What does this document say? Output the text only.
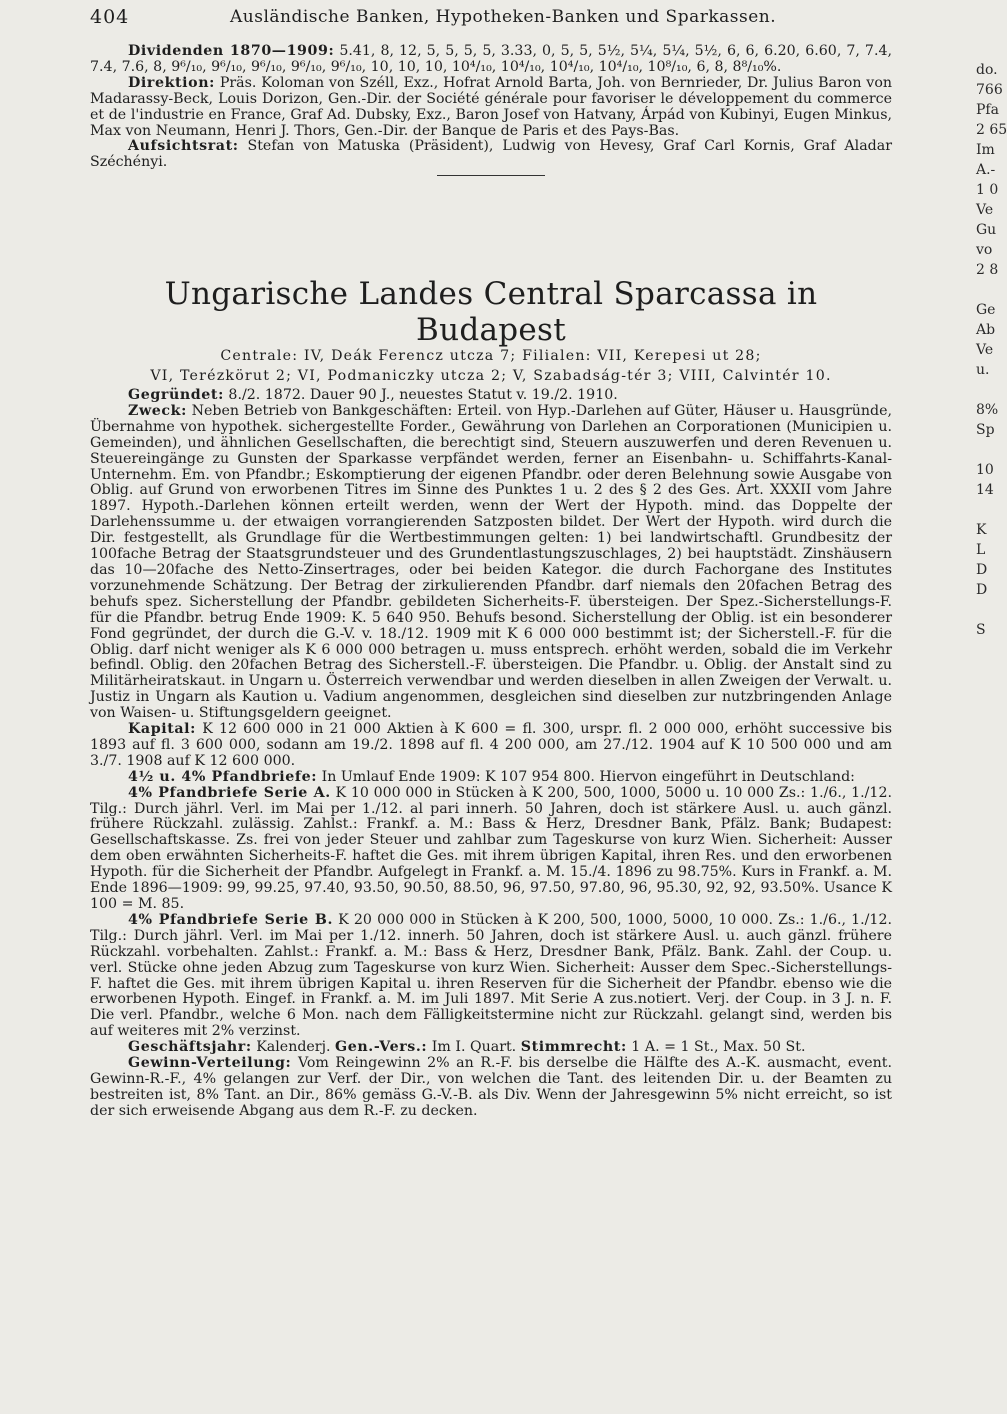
404	Ausländische Banken, Hypotheken-Banken und Sparkassen.

Dividenden 1870—1909: 5.41, 8, 12, 5, 5, 5, 5, 3.33, 0, 5, 5, 5½, 5¼, 5¼, 5½, 6, 6, 6.20, 6.60, 7, 7.4, 7.4, 7.6, 8, 9⁶/₁₀, 9⁶/₁₀, 9⁶/₁₀, 9⁶/₁₀, 9⁶/₁₀, 10, 10, 10, 10⁴/₁₀, 10⁴/₁₀, 10⁴/₁₀, 10⁴/₁₀, 10⁸/₁₀, 6, 8, 8⁸/₁₀%.

Direktion: Präs. Koloman von Széll, Exz., Hofrat Arnold Barta, Joh. von Bernrieder, Dr. Julius Baron von Madarassy-Beck, Louis Dorizon, Gen.-Dir. der Société générale pour favoriser le développement du commerce et de l'industrie en France, Graf Ad. Dubsky, Exz., Baron Josef von Hatvany, Árpád von Kubinyi, Eugen Minkus, Max von Neumann, Henri J. Thors, Gen.-Dir. der Banque de Paris et des Pays-Bas.

Aufsichtsrat: Stefan von Matuska (Präsident), Ludwig von Hevesy, Graf Carl Kornis, Graf Aladar Széchényi.

Ungarische Landes Central Sparcassa in Budapest
Centrale: IV, Deák Ferencz utcza 7; Filialen: VII, Kerepesi ut 28;
VI, Terézkörut 2; VI, Podmaniczky utcza 2; V, Szabadság-tér 3; VIII, Calvintér 10.

Gegründet: 8./2. 1872. Dauer 90 J., neuestes Statut v. 19./2. 1910.

Zweck: Neben Betrieb von Bankgeschäften: Erteil. von Hyp.-Darlehen auf Güter, Häuser u. Hausgründe, Übernahme von hypothek. sichergestellte Forder., Gewährung von Darlehen an Corporationen (Municipien u. Gemeinden), und ähnlichen Gesellschaften, die berechtigt sind, Steuern auszuwerfen und deren Revenuen u. Steuereingänge zu Gunsten der Sparkasse verpfändet werden, ferner an Eisenbahn- u. Schiffahrts-Kanal-Unternehm. Em. von Pfandbr.; Eskomptierung der eigenen Pfandbr. oder deren Belehnung sowie Ausgabe von Oblig. auf Grund von erworbenen Titres im Sinne des Punktes 1 u. 2 des § 2 des Ges. Art. XXXII vom Jahre 1897. Hypoth.-Darlehen können erteilt werden, wenn der Wert der Hypoth. mind. das Doppelte der Darlehenssumme u. der etwaigen vorrangierenden Satzposten bildet. Der Wert der Hypoth. wird durch die Dir. festgestellt, als Grundlage für die Wertbestimmungen gelten: 1) bei landwirtschaftl. Grundbesitz der 100fache Betrag der Staatsgrundsteuer und des Grundentlastungszuschlages, 2) bei hauptstädt. Zinshäusern das 10—20fache des Netto-Zinsertrages, oder bei beiden Kategor. die durch Fachorgane des Institutes vorzunehmende Schätzung. Der Betrag der zirkulierenden Pfandbr. darf niemals den 20fachen Betrag des behufs spez. Sicherstellung der Pfandbr. gebildeten Sicherheits-F. übersteigen. Der Spez.-Sicherstellungs-F. für die Pfandbr. betrug Ende 1909: K. 5 640 950. Behufs besond. Sicherstellung der Oblig. ist ein besonderer Fond gegründet, der durch die G.-V. v. 18./12. 1909 mit K 6 000 000 bestimmt ist; der Sicherstell.-F. für die Oblig. darf nicht weniger als K 6 000 000 betragen u. muss entsprech. erhöht werden, sobald die im Verkehr befindl. Oblig. den 20fachen Betrag des Sicherstell.-F. übersteigen. Die Pfandbr. u. Oblig. der Anstalt sind zu Militärheiratskaut. in Ungarn u. Österreich verwendbar und werden dieselben in allen Zweigen der Verwalt. u. Justiz in Ungarn als Kaution u. Vadium angenommen, desgleichen sind dieselben zur nutzbringenden Anlage von Waisen- u. Stiftungsgeldern geeignet.

Kapital: K 12 600 000 in 21 000 Aktien à K 600 = fl. 300, urspr. fl. 2 000 000, erhöht successive bis 1893 auf fl. 3 600 000, sodann am 19./2. 1898 auf fl. 4 200 000, am 27./12. 1904 auf K 10 500 000 und am 3./7. 1908 auf K 12 600 000.

4½ u. 4% Pfandbriefe: In Umlauf Ende 1909: K 107 954 800. Hiervon eingeführt in Deutschland:

4% Pfandbriefe Serie A. K 10 000 000 in Stücken à K 200, 500, 1000, 5000 u. 10 000 Zs.: 1./6., 1./12. Tilg.: Durch jährl. Verl. im Mai per 1./12. al pari innerh. 50 Jahren, doch ist stärkere Ausl. u. auch gänzl. frühere Rückzahl. zulässig. Zahlst.: Frankf. a. M.: Bass & Herz, Dresdner Bank, Pfälz. Bank; Budapest: Gesellschaftskasse. Zs. frei von jeder Steuer und zahlbar zum Tageskurse von kurz Wien. Sicherheit: Ausser dem oben erwähnten Sicherheits-F. haftet die Ges. mit ihrem übrigen Kapital, ihren Res. und den erworbenen Hypoth. für die Sicherheit der Pfandbr. Aufgelegt in Frankf. a. M. 15./4. 1896 zu 98.75%. Kurs in Frankf. a. M. Ende 1896—1909: 99, 99.25, 97.40, 93.50, 90.50, 88.50, 96, 97.50, 97.80, 96, 95.30, 92, 92, 93.50%. Usance K 100 = M. 85.

4% Pfandbriefe Serie B. K 20 000 000 in Stücken à K 200, 500, 1000, 5000, 10 000. Zs.: 1./6., 1./12. Tilg.: Durch jährl. Verl. im Mai per 1./12. innerh. 50 Jahren, doch ist stärkere Ausl. u. auch gänzl. frühere Rückzahl. vorbehalten. Zahlst.: Frankf. a. M.: Bass & Herz, Dresdner Bank, Pfälz. Bank. Zahl. der Coup. u. verl. Stücke ohne jeden Abzug zum Tageskurse von kurz Wien. Sicherheit: Ausser dem Spec.-Sicherstellungs-F. haftet die Ges. mit ihrem übrigen Kapital u. ihren Reserven für die Sicherheit der Pfandbr. ebenso wie die erworbenen Hypoth. Eingef. in Frankf. a. M. im Juli 1897. Mit Serie A zus.notiert. Verj. der Coup. in 3 J. n. F. Die verl. Pfandbr., welche 6 Mon. nach dem Fälligkeitstermine nicht zur Rückzahl. gelangt sind, werden bis auf weiteres mit 2% verzinst.

Geschäftsjahr: Kalenderj. Gen.-Vers.: Im I. Quart. Stimmrecht: 1 A. = 1 St., Max. 50 St.

Gewinn-Verteilung: Vom Reingewinn 2% an R.-F. bis derselbe die Hälfte des A.-K. ausmacht, event. Gewinn-R.-F., 4% gelangen zur Verf. der Dir., von welchen die Tant. des leitenden Dir. u. der Beamten zu bestreiten ist, 8% Tant. an Dir., 86% gemäss G.-V.-B. als Div. Wenn der Jahresgewinn 5% nicht erreicht, so ist der sich erweisende Abgang aus dem R.-F. zu decken.

do.
766
Pfa
2 65
Im
A.-
1 0
Ve
Gu
vo
2 8

Ge
Ab
Ve
u.

8%
Sp

10
14

K
L
D
D

S
